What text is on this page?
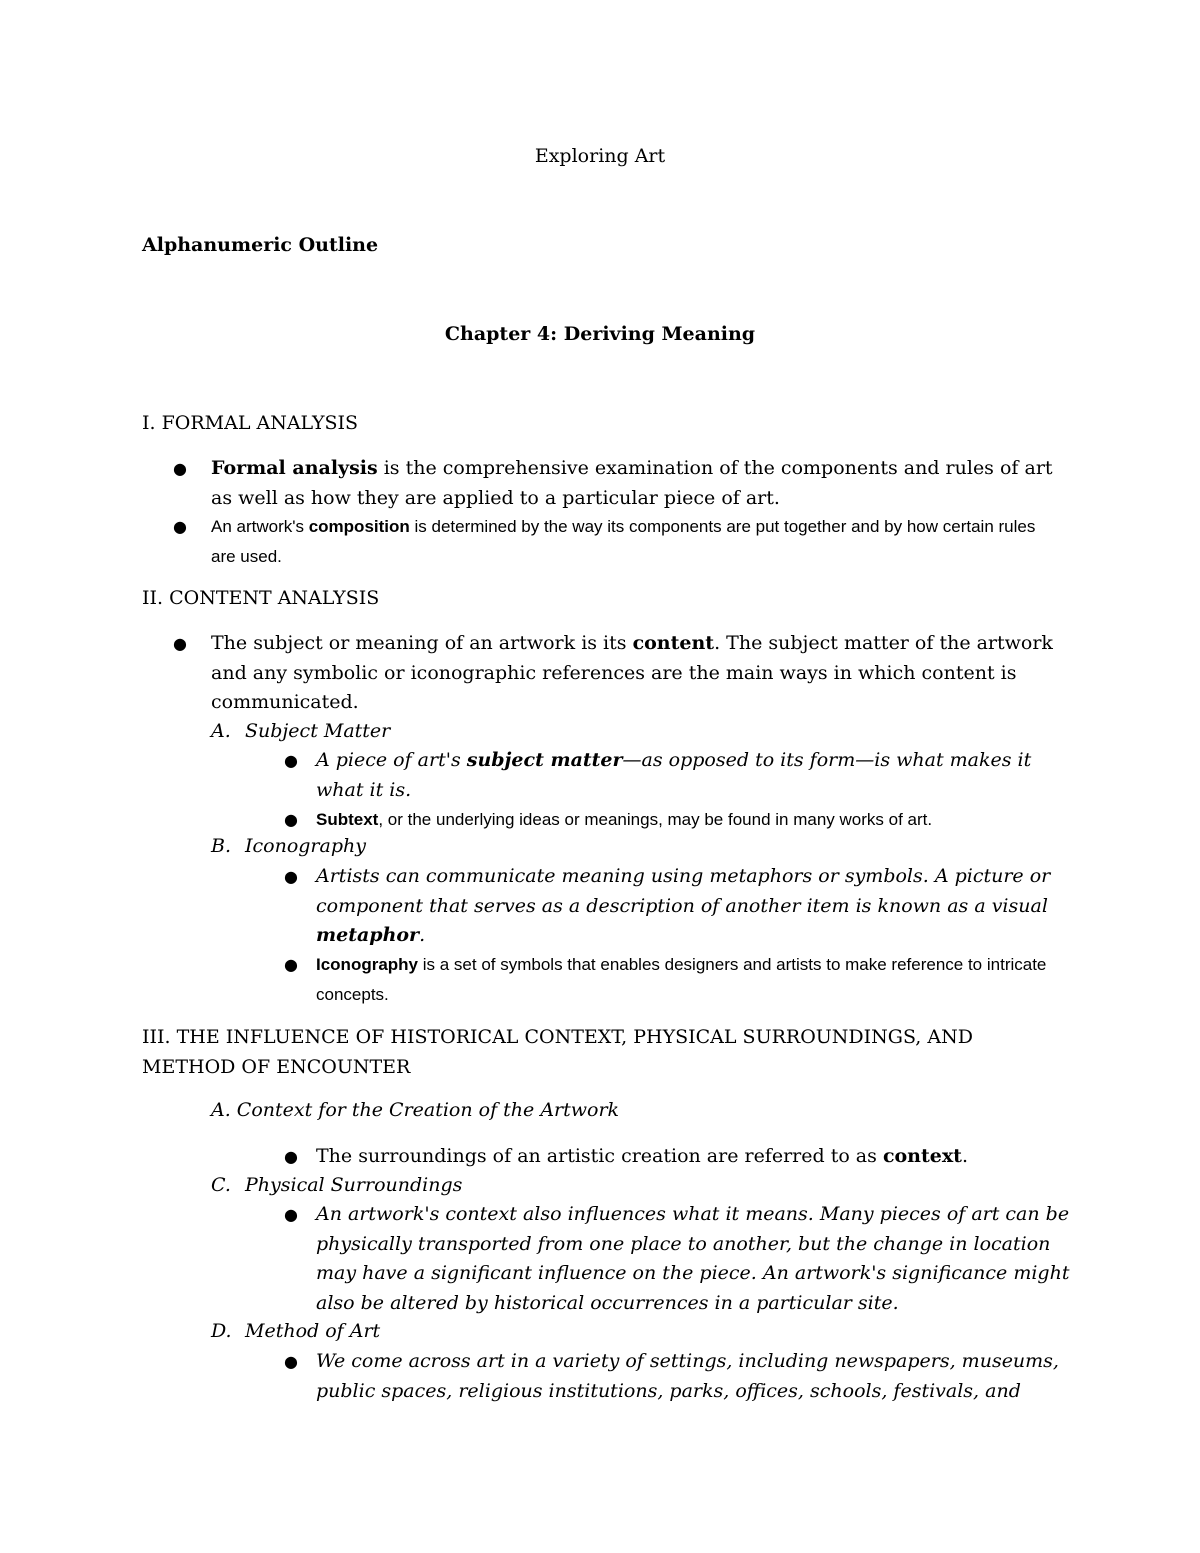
Exploring Art
Alphanumeric Outline
Chapter 4: Deriving Meaning
I. FORMAL ANALYSIS
● Formal analysis is the comprehensive examination of the components and rules of art as well as how they are applied to a particular piece of art.
● An artwork's composition is determined by the way its components are put together and by how certain rules are used.
II. CONTENT ANALYSIS
● The subject or meaning of an artwork is its content. The subject matter of the artwork and any symbolic or iconographic references are the main ways in which content is communicated.
A. Subject Matter
● A piece of art's subject matter—as opposed to its form—is what makes it what it is.
● Subtext, or the underlying ideas or meanings, may be found in many works of art.
B. Iconography
● Artists can communicate meaning using metaphors or symbols. A picture or component that serves as a description of another item is known as a visual metaphor.
● Iconography is a set of symbols that enables designers and artists to make reference to intricate concepts.
III. THE INFLUENCE OF HISTORICAL CONTEXT, PHYSICAL SURROUNDINGS, AND METHOD OF ENCOUNTER
A. Context for the Creation of the Artwork
● The surroundings of an artistic creation are referred to as context.
C. Physical Surroundings
● An artwork's context also influences what it means. Many pieces of art can be physically transported from one place to another, but the change in location may have a significant influence on the piece. An artwork's significance might also be altered by historical occurrences in a particular site.
D. Method of Art
● We come across art in a variety of settings, including newspapers, museums, public spaces, religious institutions, parks, offices, schools, festivals, and
